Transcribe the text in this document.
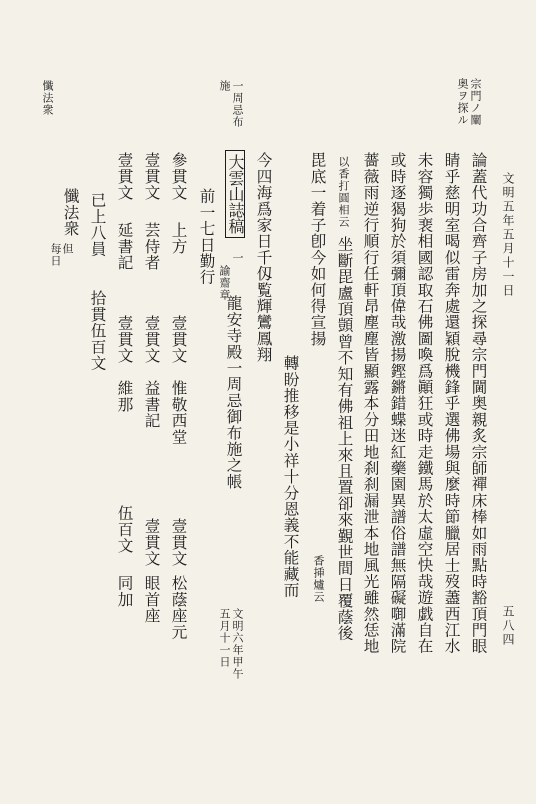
懺法衆	一周忌布
施	宗門ノ闡
奥ヲ探ル
文明五年五月十一日
五八四
論蓋代功合齊子房加之探尋宗門閫奥親炙宗師禪床棒如雨點時豁頂門眼
睛乎慈明室喝似雷奔處還穎脫機鋒乎選佛場與麼時節臘居士歿藎西江水
未容獨歩裵相國認取石佛圖喚爲顚狂或時走鐵馬於太虛空快哉遊戯自在
或時逐猲狗於須彌頂偉哉激揚鏗鏘錯蝶迷紅藥園異譜俗譜無隔礙啣滿院
薔薇雨逆行順行任軒昂塵塵皆顯露本分田地刹刹漏泄本地風光雖然恁地
以香打圓相云
坐斷毘盧頂顗曾不知有佛祖上來且置卻來覲世間日覆蔭後
毘底一着子卽今如何得宣揚
香挿爐云
轉盼推移是小祥十分恩義不能藏而
今四海爲家日千仭覧輝鸞鳳翔
大雲山誌稿
一
諭齋章
龍安寺殿一周忌御布施之帳
文明六年甲午
五月十一日
前一七日勤行
參貫文
上方
壹貫文
惟敬西堂
壹貫文
松蔭座元
壹貫文
芸侍者
壹貫文
益書記
壹貫文
眼首座
壹貫文
延書記
壹貫文
維那
伍百文
同加
已上八員
拾貫伍百文
懺法衆
但
每日
